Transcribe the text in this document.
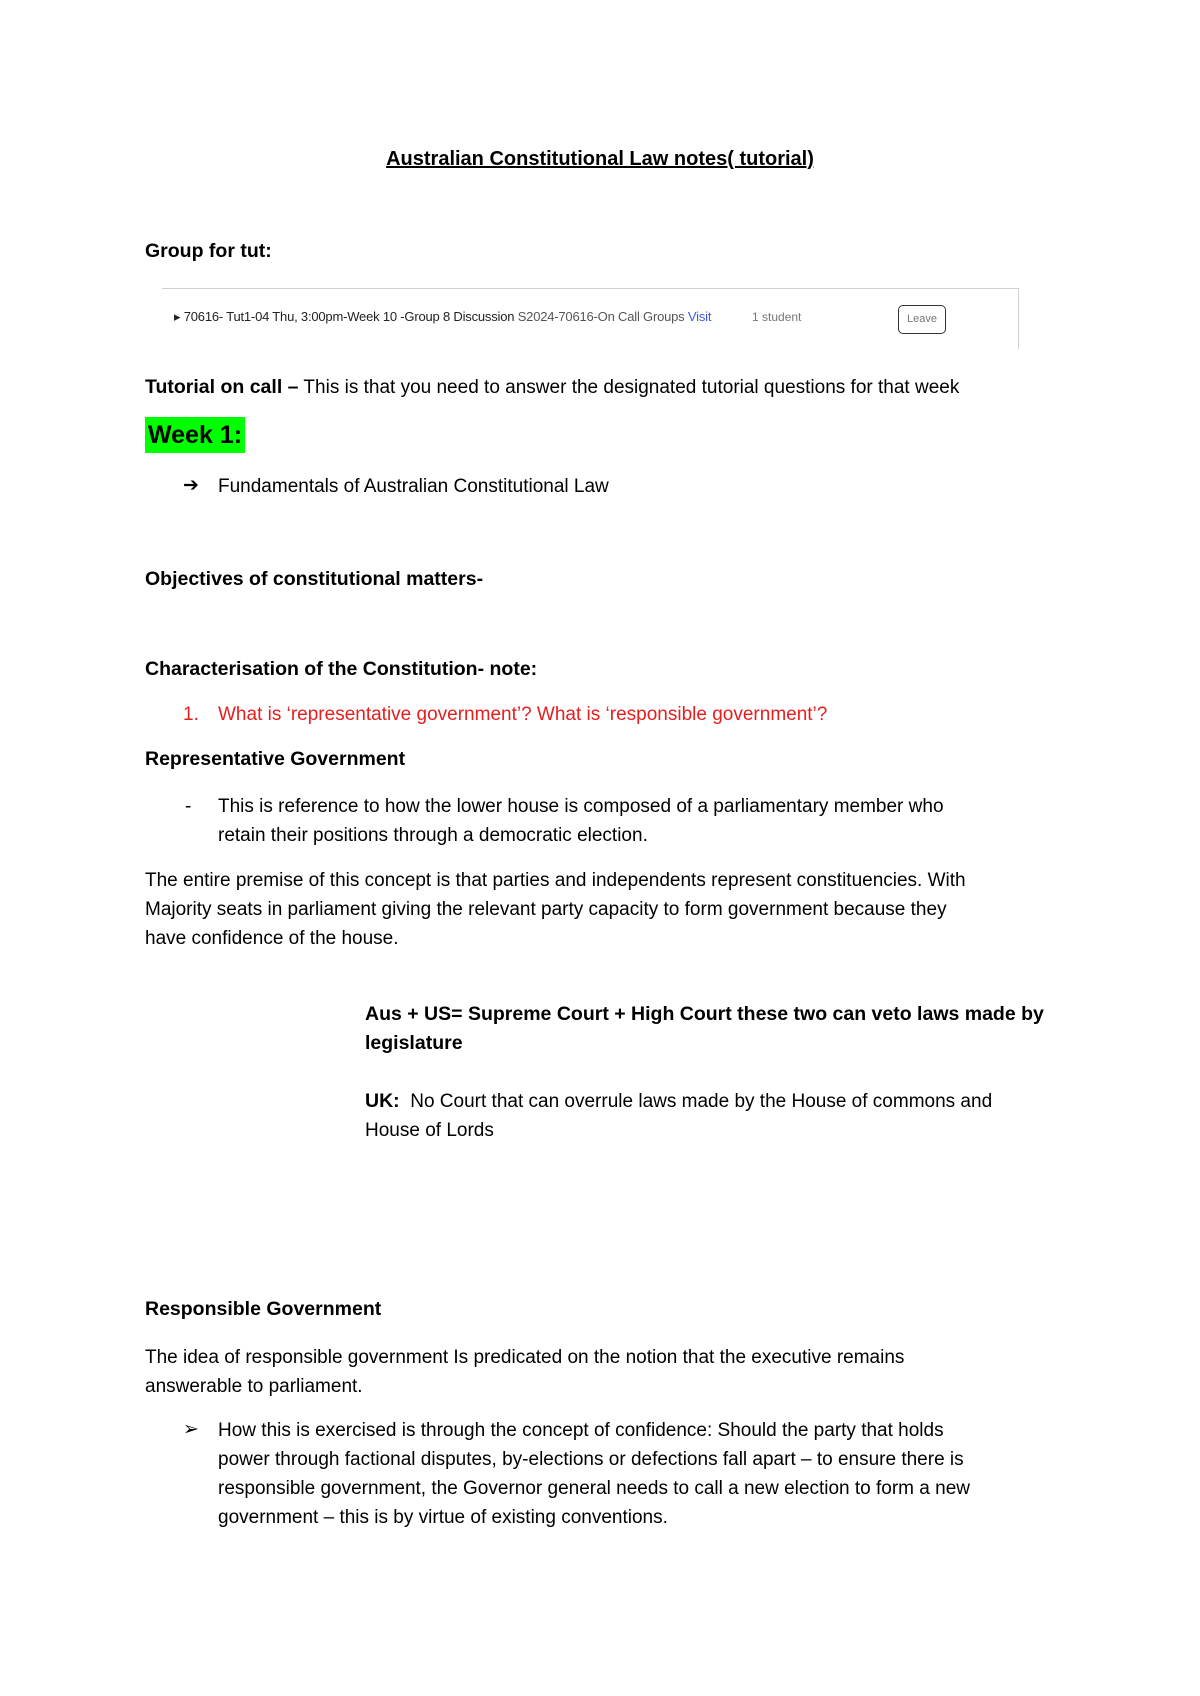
Australian Constitutional Law notes( tutorial)
Group for tut:
▸ 70616- Tut1-04 Thu, 3:00pm-Week 10 -Group 8 Discussion S2024-70616-On Call Groups Visit	1 student	Leave
Tutorial on call – This is that you need to answer the designated tutorial questions for that week
Week 1:
➔ Fundamentals of Australian Constitutional Law
Objectives of constitutional matters-
Characterisation of the Constitution- note:
1. What is ‘representative government’? What is ‘responsible government’?
Representative Government
- This is reference to how the lower house is composed of a parliamentary member who
retain their positions through a democratic election.
The entire premise of this concept is that parties and independents represent constituencies. With
Majority seats in parliament giving the relevant party capacity to form government because they
have confidence of the house.
Aus + US= Supreme Court + High Court these two can veto laws made by
legislature
UK: No Court that can overrule laws made by the House of commons and
House of Lords
Responsible Government
The idea of responsible government Is predicated on the notion that the executive remains
answerable to parliament.
➢ How this is exercised is through the concept of confidence: Should the party that holds
power through factional disputes, by-elections or defections fall apart – to ensure there is
responsible government, the Governor general needs to call a new election to form a new
government – this is by virtue of existing conventions.
